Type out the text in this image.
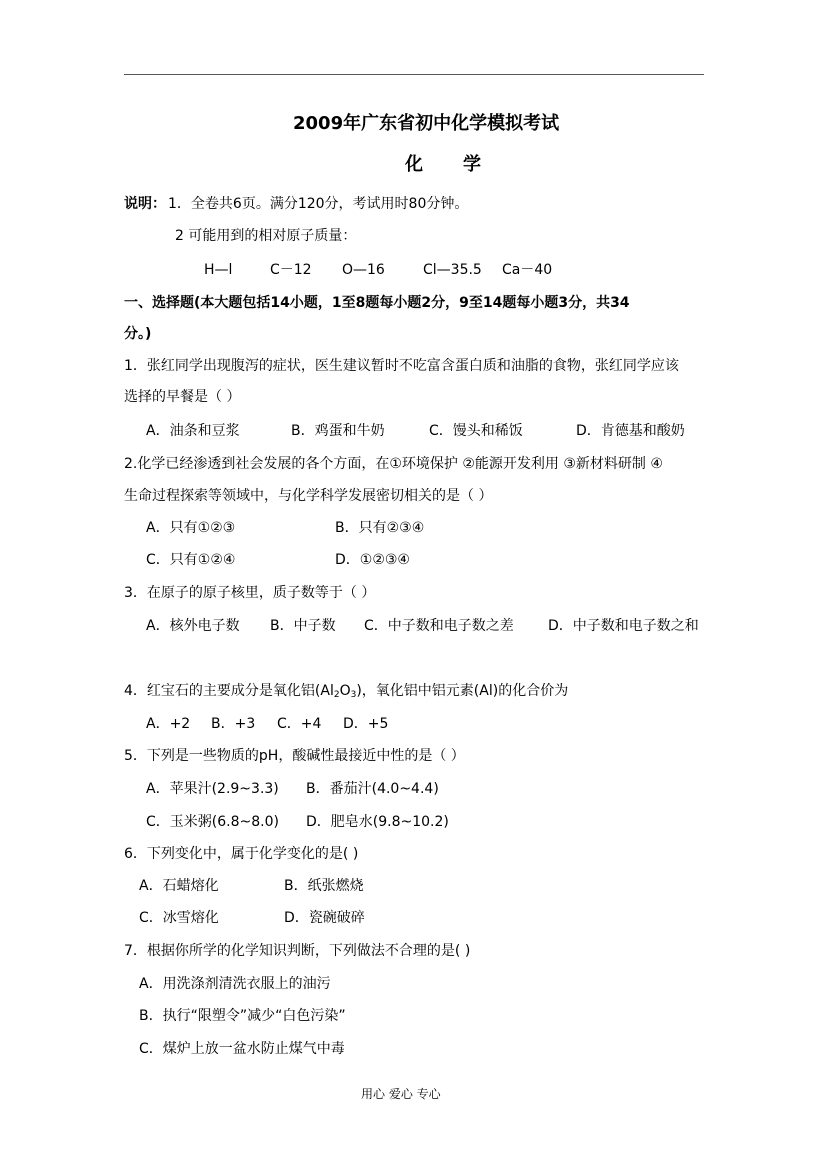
2009年广东省初中化学模拟考试
化 学
说明： 1．全卷共6页。满分120分，考试用时80分钟。
2 可能用到的相对原子质量：
H—l	C－12 O—16	Cl—35.5 Ca－40
一、选择题(本大题包括14小题，1至8题每小题2分，9至14题每小题3分，共34
分。)
1．张红同学出现腹泻的症状，医生建议暂时不吃富含蛋白质和油脂的食物，张红同学应该
选择的早餐是（ ）
A．油条和豆浆	B．鸡蛋和牛奶	C．馒头和稀饭	D．肯德基和酸奶
2.化学已经渗透到社会发展的各个方面，在①环境保护 ②能源开发利用 ③新材料研制 ④
生命过程探索等领域中，与化学科学发展密切相关的是（ ）
A．只有①②③	B．只有②③④
C．只有①②④	D．①②③④
3．在原子的原子核里，质子数等于（ ）
A．核外电子数 B．中子数 C．中子数和电子数之差 D．中子数和电子数之和
4．红宝石的主要成分是氧化铝$(Al_2O_3)$，氧化铝中铝元素(Al)的化合价为
A．+2 B．+3 C．+4 D．+5
5．下列是一些物质的pH，酸碱性最接近中性的是（ ）
A．苹果汁(2.9~3.3) B．番茄汁(4.0~4.4)
C．玉米粥(6.8~8.0) D．肥皂水(9.8~10.2)
6．下列变化中，属于化学变化的是( )
A．石蜡熔化	B．纸张燃烧
C．冰雪熔化	D．瓷碗破碎
7．根据你所学的化学知识判断，下列做法不合理的是( )
A．用洗涤剂清洗衣服上的油污
B．执行“限塑令”减少“白色污染”
C．煤炉上放一盆水防止煤气中毒
用心 爱心 专心
